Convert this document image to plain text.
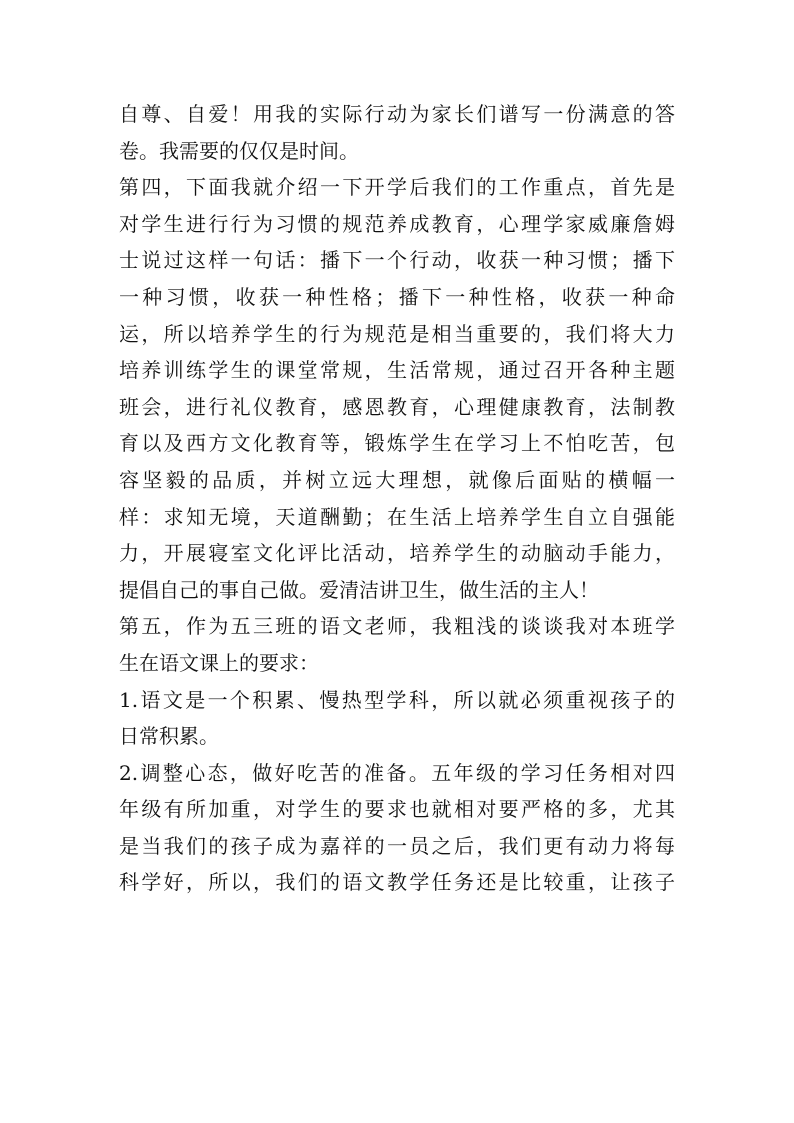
自尊、自爱！用我的实际行动为家长们谱写一份满意的答
卷。我需要的仅仅是时间。
第四，下面我就介绍一下开学后我们的工作重点，首先是
对学生进行行为习惯的规范养成教育，心理学家威廉詹姆
士说过这样一句话：播下一个行动，收获一种习惯；播下
一种习惯，收获一种性格；播下一种性格，收获一种命
运，所以培养学生的行为规范是相当重要的，我们将大力
培养训练学生的课堂常规，生活常规，通过召开各种主题
班会，进行礼仪教育，感恩教育，心理健康教育，法制教
育以及西方文化教育等，锻炼学生在学习上不怕吃苦，包
容坚毅的品质，并树立远大理想，就像后面贴的横幅一
样：求知无境，天道酬勤；在生活上培养学生自立自强能
力，开展寝室文化评比活动，培养学生的动脑动手能力，
提倡自己的事自己做。爱清洁讲卫生，做生活的主人！
第五，作为五三班的语文老师，我粗浅的谈谈我对本班学
生在语文课上的要求：
1.语文是一个积累、慢热型学科，所以就必须重视孩子的
日常积累。
2.调整心态，做好吃苦的准备。五年级的学习任务相对四
年级有所加重，对学生的要求也就相对要严格的多，尤其
是当我们的孩子成为嘉祥的一员之后，我们更有动力将每
科学好，所以，我们的语文教学任务还是比较重，让孩子
